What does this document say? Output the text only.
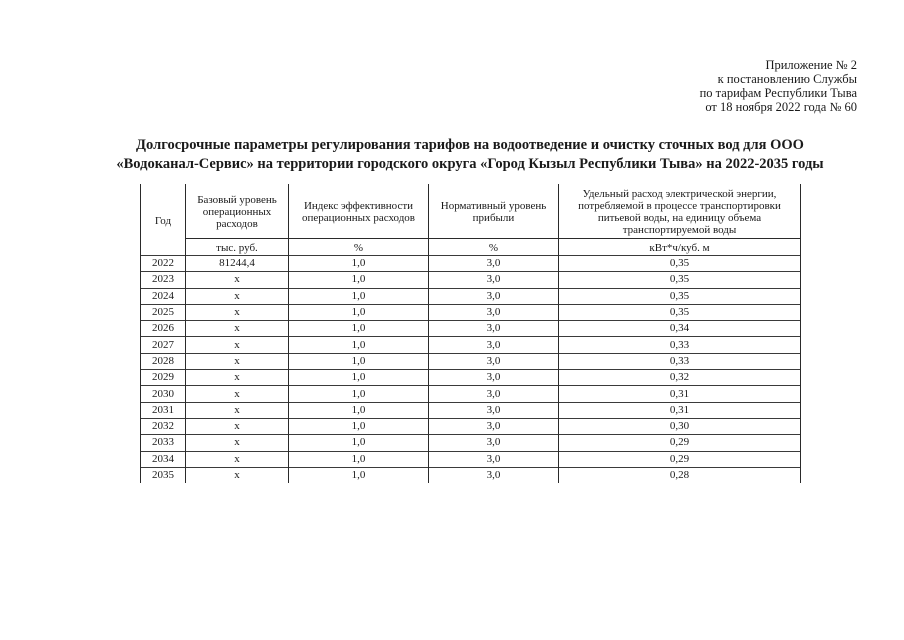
Приложение № 2
к постановлению Службы
по тарифам Республики Тыва
от 18 ноября 2022 года № 60
Долгосрочные параметры регулирования тарифов на водоотведение и очистку сточных вод для ООО
«Водоканал-Сервис» на территории городского округа «Город Кызыл Республики Тыва» на 2022-2035 годы
Год	Базовый уровень операционных расходов	Индекс эффективности операционных расходов	Нормативный уровень прибыли	Удельный расход электрической энергии, потребляемой в процессе транспортировки питьевой воды, на единицу объема транспортируемой воды
	тыс. руб.	%	%	кВт*ч/куб. м
2022	81244,4	1,0	3,0	0,35
2023	х	1,0	3,0	0,35
2024	х	1,0	3,0	0,35
2025	х	1,0	3,0	0,35
2026	х	1,0	3,0	0,34
2027	х	1,0	3,0	0,33
2028	х	1,0	3,0	0,33
2029	х	1,0	3,0	0,32
2030	х	1,0	3,0	0,31
2031	х	1,0	3,0	0,31
2032	х	1,0	3,0	0,30
2033	х	1,0	3,0	0,29
2034	х	1,0	3,0	0,29
2035	х	1,0	3,0	0,28
